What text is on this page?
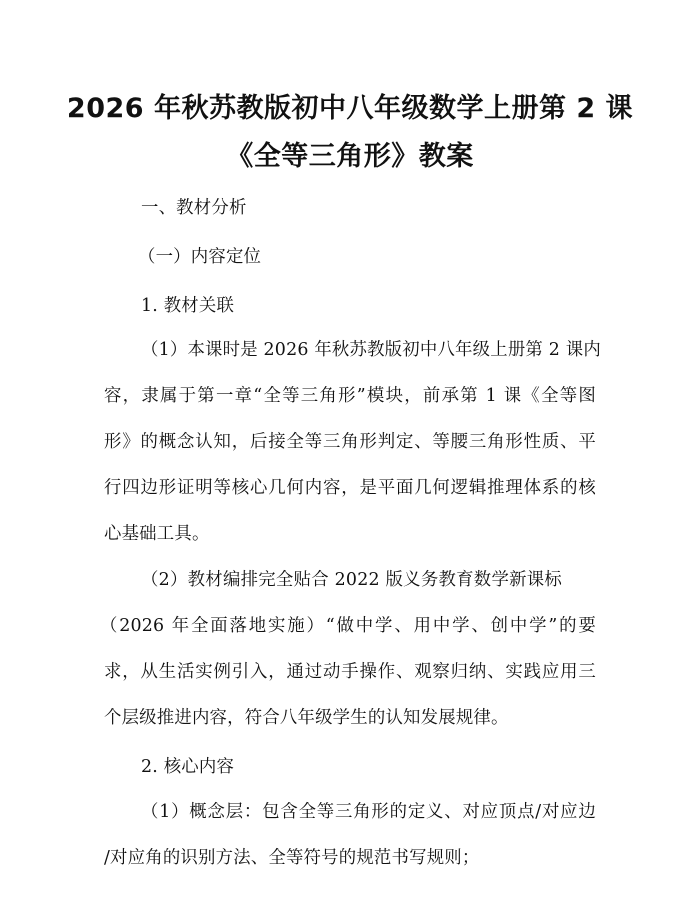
2026 年秋苏教版初中八年级数学上册第 2 课
《全等三角形》教案
一、教材分析
（一）内容定位
1. 教材关联
（1）本课时是 2026 年秋苏教版初中八年级上册第 2 课内
容，隶属于第一章“全等三角形”模块，前承第 1 课《全等图
形》的概念认知，后接全等三角形判定、等腰三角形性质、平
行四边形证明等核心几何内容，是平面几何逻辑推理体系的核
心基础工具。
（2）教材编排完全贴合 2022 版义务教育数学新课标
（2026 年全面落地实施）“做中学、用中学、创中学”的要
求，从生活实例引入，通过动手操作、观察归纳、实践应用三
个层级推进内容，符合八年级学生的认知发展规律。
2. 核心内容
（1）概念层：包含全等三角形的定义、对应顶点/对应边
/对应角的识别方法、全等符号的规范书写规则；
